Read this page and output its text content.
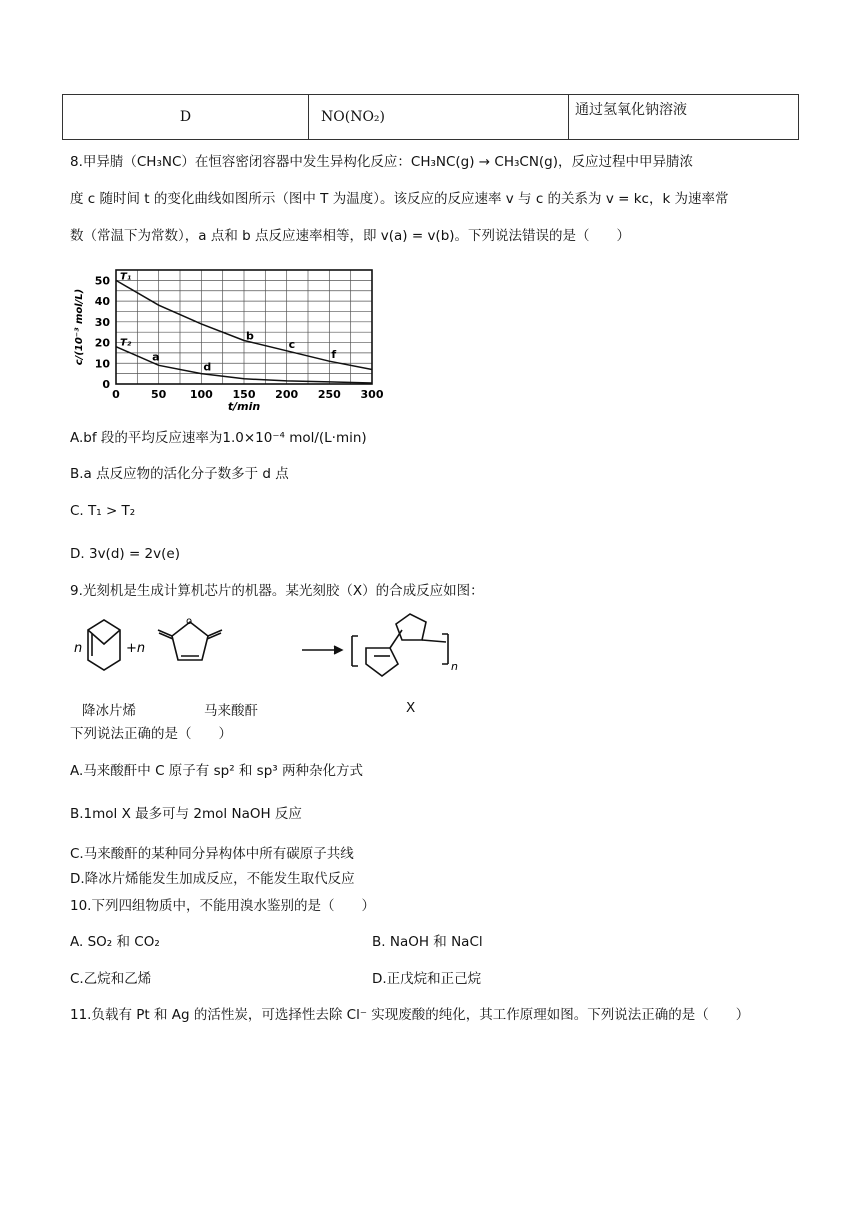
D	NO(NO₂)	通过氢氧化钠溶液
8.甲异腈（CH₃NC）在恒容密闭容器中发生异构化反应：CH₃NC(g) → CH₃CN(g)，反应过程中甲异腈浓
度 c 随时间 t 的变化曲线如图所示（图中 T 为温度）。该反应的反应速率 v 与 c 的关系为 v = kc，k 为速率常
数（常温下为常数），a 点和 b 点反应速率相等，即 v(a) = v(b)。下列说法错误的是（　　）
T₁
T₂
0	50 100 150 200 250 300
0
10
20
30
40
50
t/min
c/(10⁻³ mol/L)	a
b
c
d
f
A.bf 段的平均反应速率为1.0×10⁻⁴ mol/(L·min)
B.a 点反应物的活化分子数多于 d 点
C. T₁ > T₂
D. 3v(d) = 2v(e)
9.光刻机是生成计算机芯片的机器。某光刻胶（X）的合成反应如图：
n	+n
o
n
降冰片烯	马来酸酐	X
下列说法正确的是（　　）
A.马来酸酐中 C 原子有 sp² 和 sp³ 两种杂化方式
B.1mol X 最多可与 2mol NaOH 反应
C.马来酸酐的某种同分异构体中所有碳原子共线
D.降冰片烯能发生加成反应，不能发生取代反应
10.下列四组物质中，不能用溴水鉴别的是（　　）
A. SO₂ 和 CO₂	B. NaOH 和 NaCl
C.乙烷和乙烯	D.正戊烷和正己烷
11.负载有 Pt 和 Ag 的活性炭，可选择性去除 Cl⁻ 实现废酸的纯化，其工作原理如图。下列说法正确的是（　　）
